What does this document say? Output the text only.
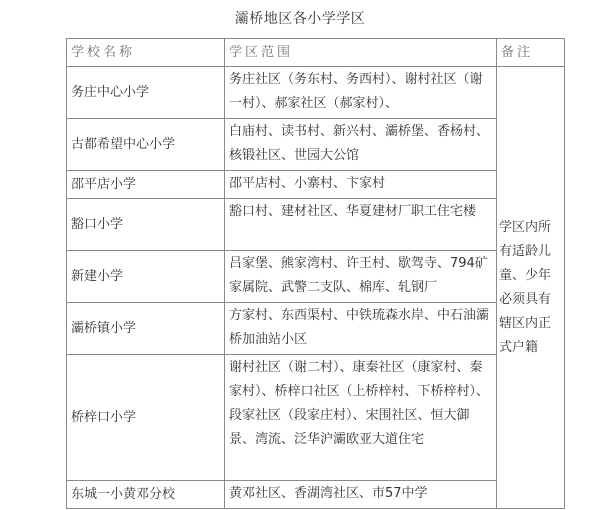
灞桥地区各小学学区
学校名称	学区范围	备注
务庄中心小学	务庄社区（务东村、务西村）、谢村社区（谢一村）、郝家社区（郝家村）、	学区内所有适龄儿童、少年必须具有辖区内正式户籍
古都希望中心小学	白庙村、读书村、新兴村、灞桥堡、香杨村、核锻社区、世园大公馆	
邵平店小学	邵平店村、小寨村、卞家村	
豁口小学	豁口村、建材社区、华夏建材厂职工住宅楼	
新建小学	吕家堡、熊家湾村、许王村、歇驾寺、794矿家属院、武警二支队、棉库、轧钢厂	
灞桥镇小学	方家村、东西渠村、中铁琉森水岸、中石油灞桥加油站小区	
桥梓口小学	谢村社区（谢二村）、康秦社区（康家村、秦家村）、桥梓口社区（上桥梓村、下桥梓村）、段家社区（段家庄村）、宋围社区、恒大御景、湾流、泛华沪灞欧亚大道住宅	
东城一小黄邓分校	黄邓社区、香湖湾社区、市57中学	
